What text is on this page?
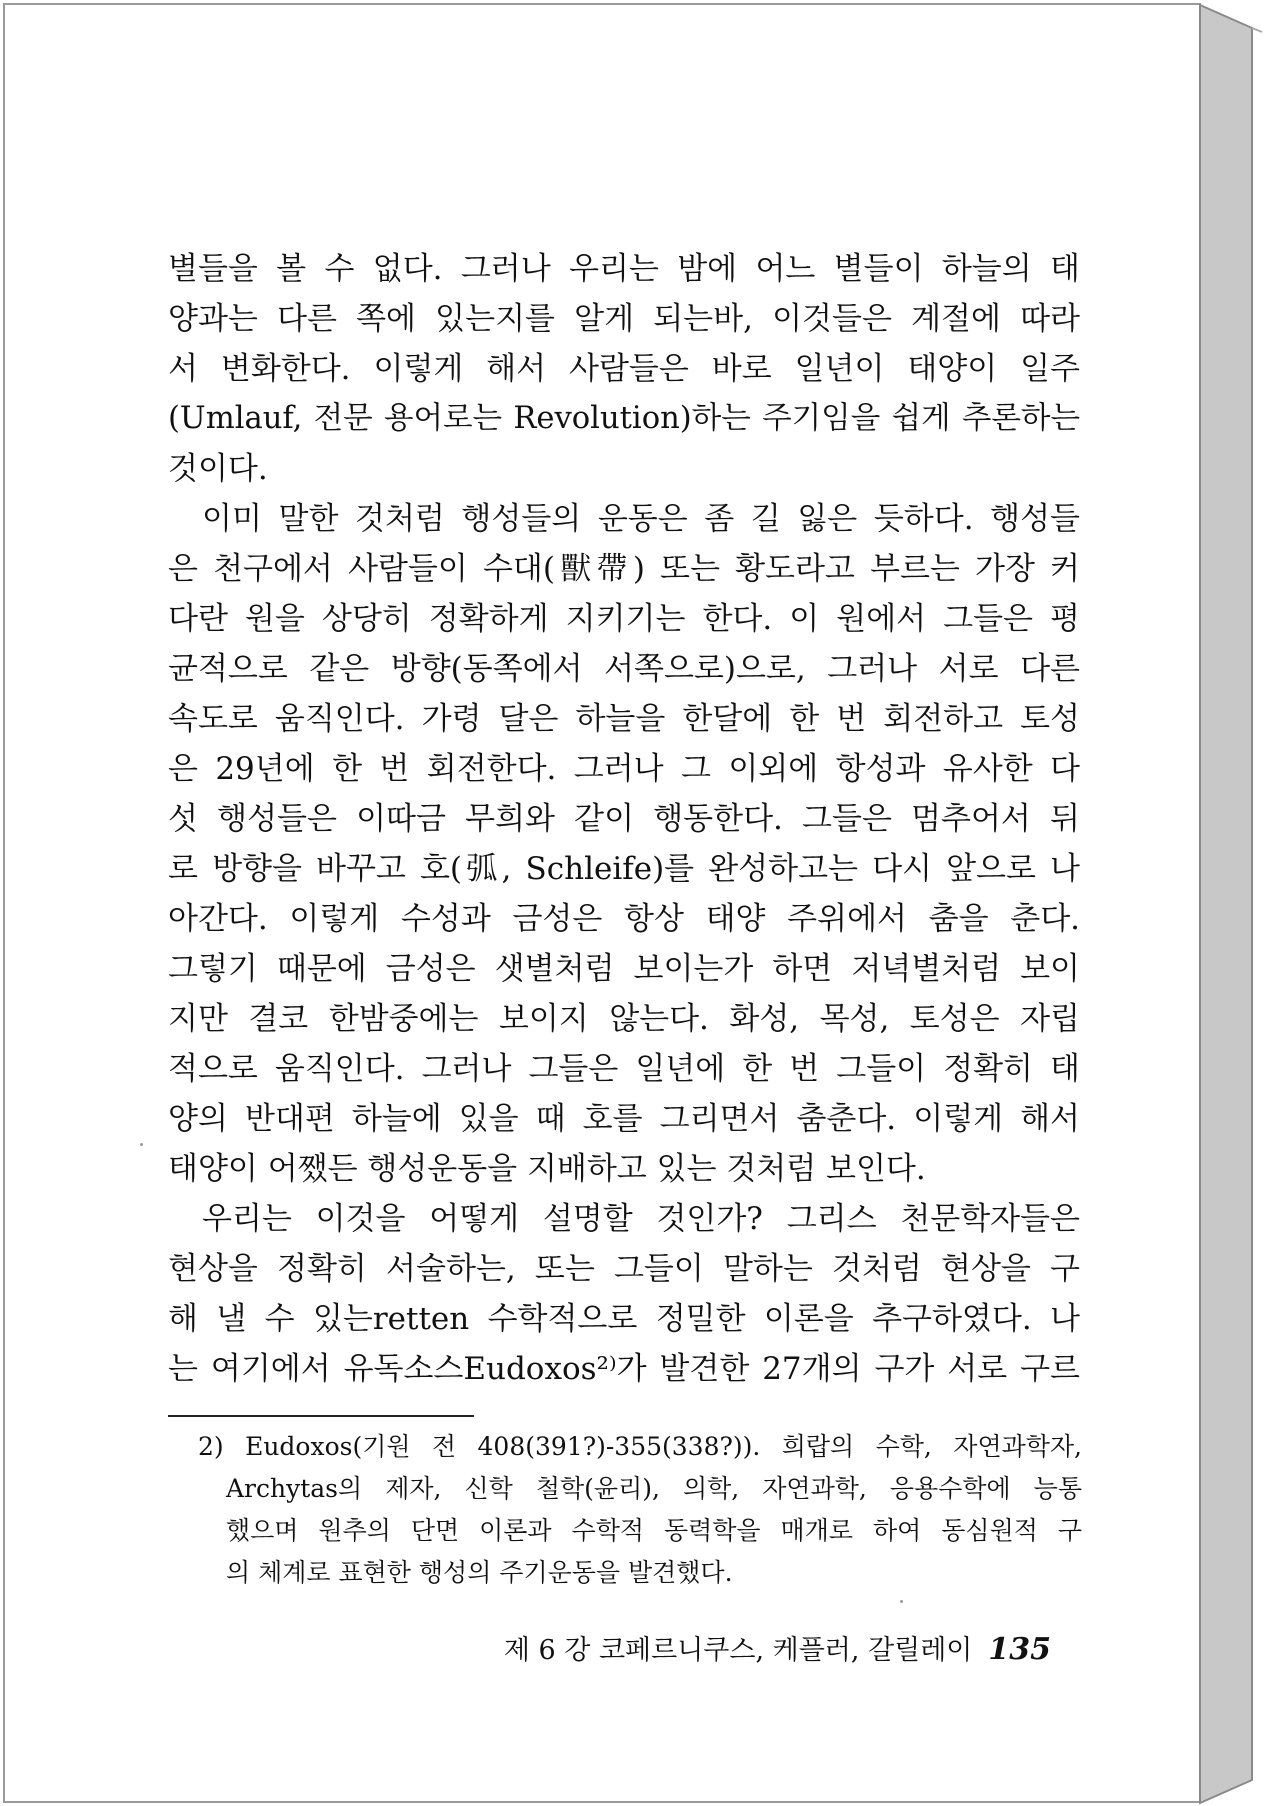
별들을 볼 수 없다. 그러나 우리는 밤에 어느 별들이 하늘의 태
양과는 다른 쪽에 있는지를 알게 되는바, 이것들은 계절에 따라
서 변화한다. 이렇게 해서 사람들은 바로 일년이 태양이 일주
(Umlauf, 전문 용어로는 Revolution)하는 주기임을 쉽게 추론하는
것이다.
이미 말한 것처럼 행성들의 운동은 좀 길 잃은 듯하다. 행성들
은 천구에서 사람들이 수대(獸帶) 또는 황도라고 부르는 가장 커
다란 원을 상당히 정확하게 지키기는 한다. 이 원에서 그들은 평
균적으로 같은 방향(동쪽에서 서쪽으로)으로, 그러나 서로 다른
속도로 움직인다. 가령 달은 하늘을 한달에 한 번 회전하고 토성
은 29년에 한 번 회전한다. 그러나 그 이외에 항성과 유사한 다
섯 행성들은 이따금 무희와 같이 행동한다. 그들은 멈추어서 뒤
로 방향을 바꾸고 호(弧, Schleife)를 완성하고는 다시 앞으로 나
아간다. 이렇게 수성과 금성은 항상 태양 주위에서 춤을 춘다.
그렇기 때문에 금성은 샛별처럼 보이는가 하면 저녁별처럼 보이
지만 결코 한밤중에는 보이지 않는다. 화성, 목성, 토성은 자립
적으로 움직인다. 그러나 그들은 일년에 한 번 그들이 정확히 태
양의 반대편 하늘에 있을 때 호를 그리면서 춤춘다. 이렇게 해서
태양이 어쨌든 행성운동을 지배하고 있는 것처럼 보인다.
우리는 이것을 어떻게 설명할 것인가? 그리스 천문학자들은
현상을 정확히 서술하는, 또는 그들이 말하는 것처럼 현상을 구
해 낼 수 있는retten 수학적으로 정밀한 이론을 추구하였다. 나
는 여기에서 유독소스Eudoxos²⁾가 발견한 27개의 구가 서로 구르
2) Eudoxos(기원 전 408(391?)-355(338?)). 희랍의 수학, 자연과학자,
Archytas의 제자, 신학 철학(윤리), 의학, 자연과학, 응용수학에 능통
했으며 원추의 단면 이론과 수학적 동력학을 매개로 하여 동심원적 구
의 체계로 표현한 행성의 주기운동을 발견했다.
제 6 강 코페르니쿠스, 케플러, 갈릴레이 135
